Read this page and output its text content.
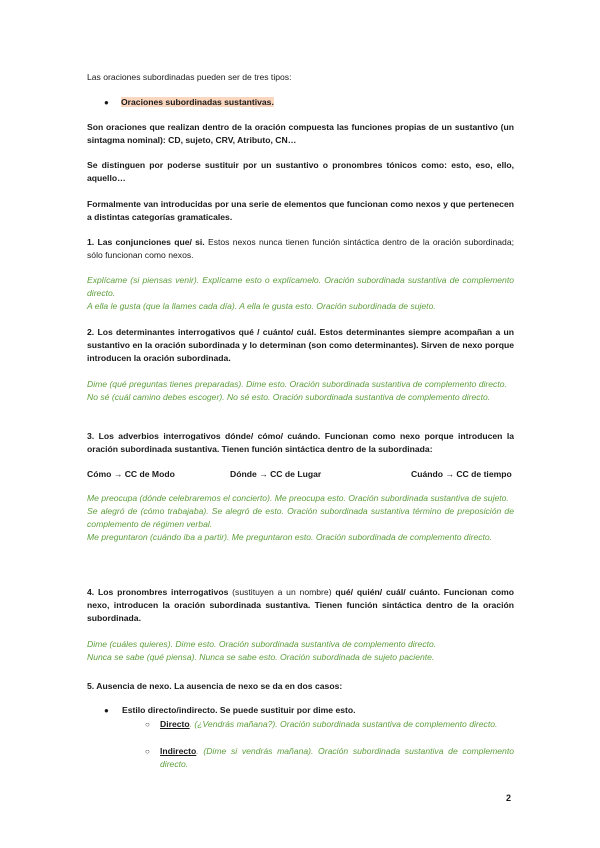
Las oraciones subordinadas pueden ser de tres tipos:

● Oraciones subordinadas sustantivas.

Son oraciones que realizan dentro de la oración compuesta las funciones propias de un sustantivo (un sintagma nominal): CD, sujeto, CRV, Atributo, CN…

Se distinguen por poderse sustituir por un sustantivo o pronombres tónicos como: esto, eso, ello, aquello…

Formalmente van introducidas por una serie de elementos que funcionan como nexos y que pertenecen a distintas categorías gramaticales.

1. Las conjunciones que/ si. Estos nexos nunca tienen función sintáctica dentro de la oración subordinada; sólo funcionan como nexos.

Explícame (si piensas venir). Explícame esto o explícamelo. Oración subordinada sustantiva de complemento directo.
A ella le gusta (que la llames cada día). A ella le gusta esto. Oración subordinada de sujeto.

2. Los determinantes interrogativos qué / cuánto/ cuál. Estos determinantes siempre acompañan a un sustantivo en la oración subordinada y lo determinan (son como determinantes). Sirven de nexo porque introducen la oración subordinada.

Dime (qué preguntas tienes preparadas). Dime esto. Oración subordinada sustantiva de complemento directo.
No sé (cuál camino debes escoger). No sé esto. Oración subordinada sustantiva de complemento directo.

3. Los adverbios interrogativos dónde/ cómo/ cuándo. Funcionan como nexo porque introducen la oración subordinada sustantiva. Tienen función sintáctica dentro de la subordinada:

Cómo → CC de Modo	Dónde → CC de Lugar	Cuándo → CC de tiempo
Me preocupa (dónde celebraremos el concierto). Me preocupa esto. Oración subordinada sustantiva de sujeto.
Se alegró de (cómo trabajaba). Se alegró de esto. Oración subordinada sustantiva término de preposición de complemento de régimen verbal.
Me preguntaron (cuándo iba a partir). Me preguntaron esto. Oración subordinada de complemento directo.

4. Los pronombres interrogativos (sustituyen a un nombre) qué/ quién/ cuál/ cuánto. Funcionan como nexo, introducen la oración subordinada sustantiva. Tienen función sintáctica dentro de la oración subordinada.

Dime (cuáles quieres). Dime esto. Oración subordinada sustantiva de complemento directo.
Nunca se sabe (qué piensa). Nunca se sabe esto. Oración subordinada de sujeto paciente.

5. Ausencia de nexo. La ausencia de nexo se da en dos casos:

● Estilo directo/indirecto. Se puede sustituir por dime esto.
○ Directo. (¿Vendrás mañana?). Oración subordinada sustantiva de complemento directo.
○ Indirecto. (Dime si vendrás mañana). Oración subordinada sustantiva de complemento directo.
2
